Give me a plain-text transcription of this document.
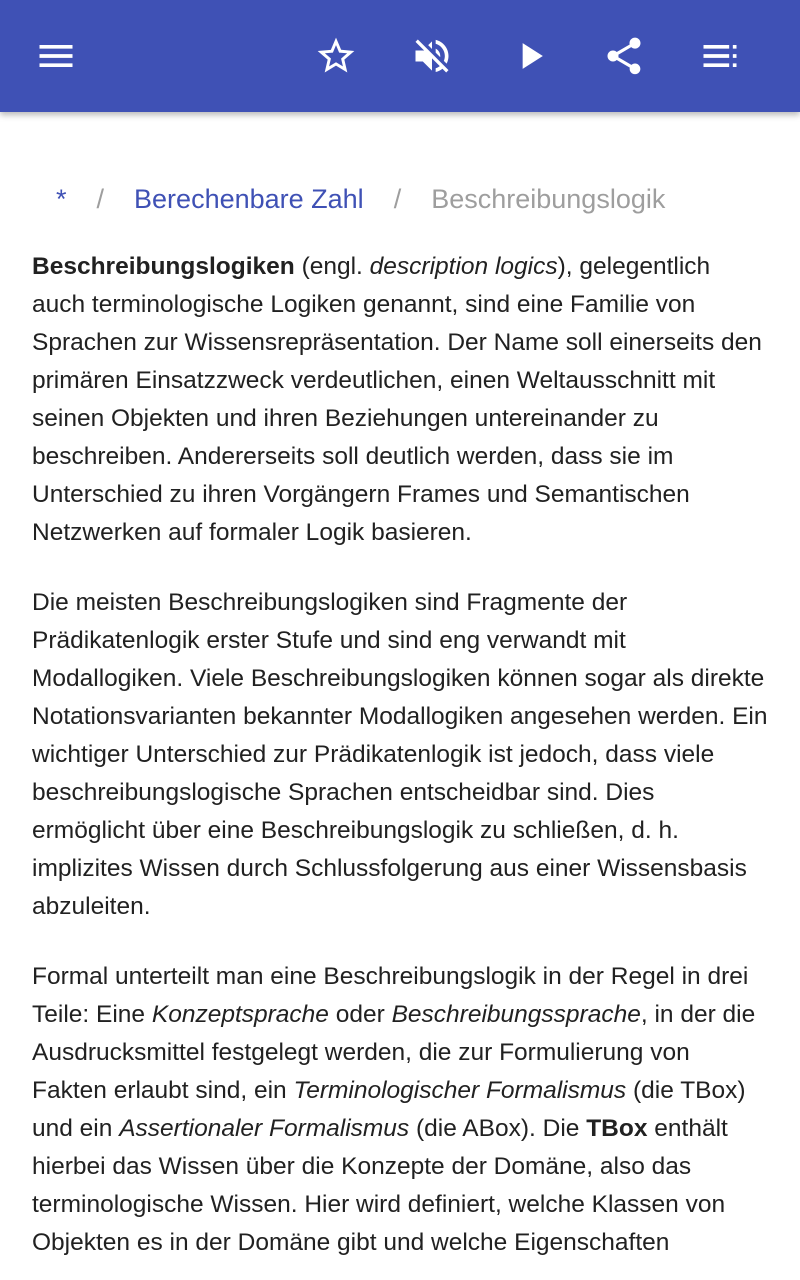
* / Berechenbare Zahl / Beschreibungslogik

Beschreibungslogiken (engl. description logics), gelegentlich auch terminologische Logiken genannt, sind eine Familie von Sprachen zur Wissensrepräsentation. Der Name soll einerseits den primären Einsatzzweck verdeutlichen, einen Weltausschnitt mit seinen Objekten und ihren Beziehungen untereinander zu beschreiben. Andererseits soll deutlich werden, dass sie im Unterschied zu ihren Vorgängern Frames und Semantischen Netzwerken auf formaler Logik basieren.

Die meisten Beschreibungslogiken sind Fragmente der Prädikatenlogik erster Stufe und sind eng verwandt mit Modallogiken. Viele Beschreibungslogiken können sogar als direkte Notationsvarianten bekannter Modallogiken angesehen werden. Ein wichtiger Unterschied zur Prädikatenlogik ist jedoch, dass viele beschreibungslogische Sprachen entscheidbar sind. Dies ermöglicht über eine Beschreibungslogik zu schließen, d. h. implizites Wissen durch Schlussfolgerung aus einer Wissensbasis abzuleiten.

Formal unterteilt man eine Beschreibungslogik in der Regel in drei Teile: Eine Konzeptsprache oder Beschreibungssprache, in der die Ausdrucksmittel festgelegt werden, die zur Formulierung von Fakten erlaubt sind, ein Terminologischer Formalismus (die TBox) und ein Assertionaler Formalismus (die ABox). Die TBox enthält hierbei das Wissen über die Konzepte der Domäne, also das terminologische Wissen. Hier wird definiert, welche Klassen von Objekten es in der Domäne gibt und welche Eigenschaften
